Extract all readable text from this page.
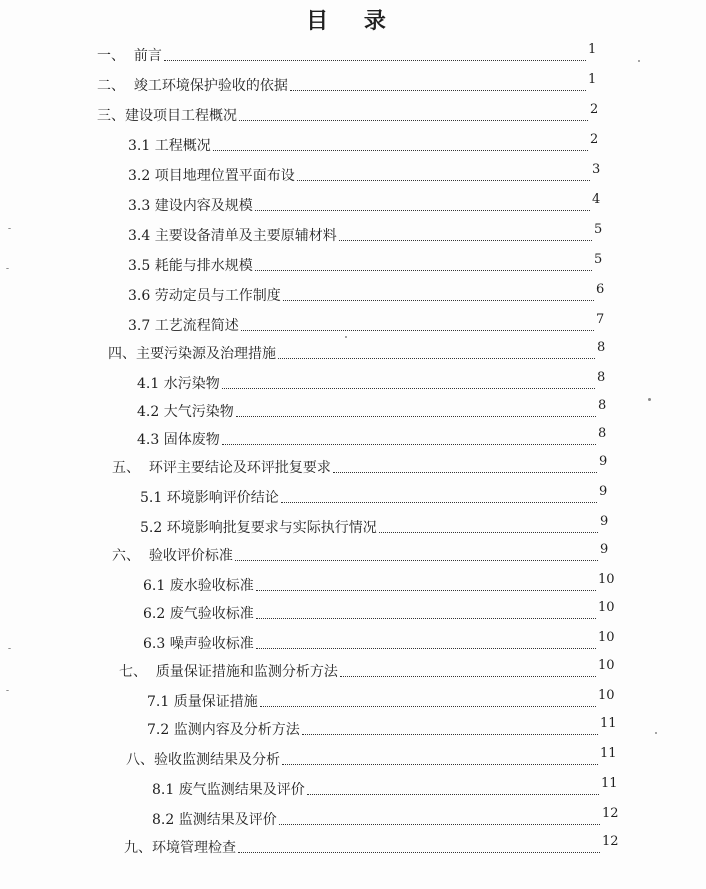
目 录
一、 前言	1
二、 竣工环境保护验收的依据	1
三、 建设项目工程概况	2
3.1 工程概况	2
3.2 项目地理位置平面布设	3
3.3 建设内容及规模	4
3.4 主要设备清单及主要原辅材料	5
3.5 耗能与排水规模	5
3.6 劳动定员与工作制度	6
3.7 工艺流程简述	7
四、 主要污染源及治理措施	8
4.1 水污染物	8
4.2 大气污染物	8
4.3 固体废物	8
五、 环评主要结论及环评批复要求	9
5.1 环境影响评价结论	9
5.2 环境影响批复要求与实际执行情况	9
六、 验收评价标准	9
6.1 废水验收标准	10
6.2 废气验收标准	10
6.3 噪声验收标准	10
七、 质量保证措施和监测分析方法	10
7.1 质量保证措施	10
7.2 监测内容及分析方法	11
八、 验收监测结果及分析	11
8.1 废气监测结果及评价	11
8.2 监测结果及评价	12
九、 环境管理检查	12
